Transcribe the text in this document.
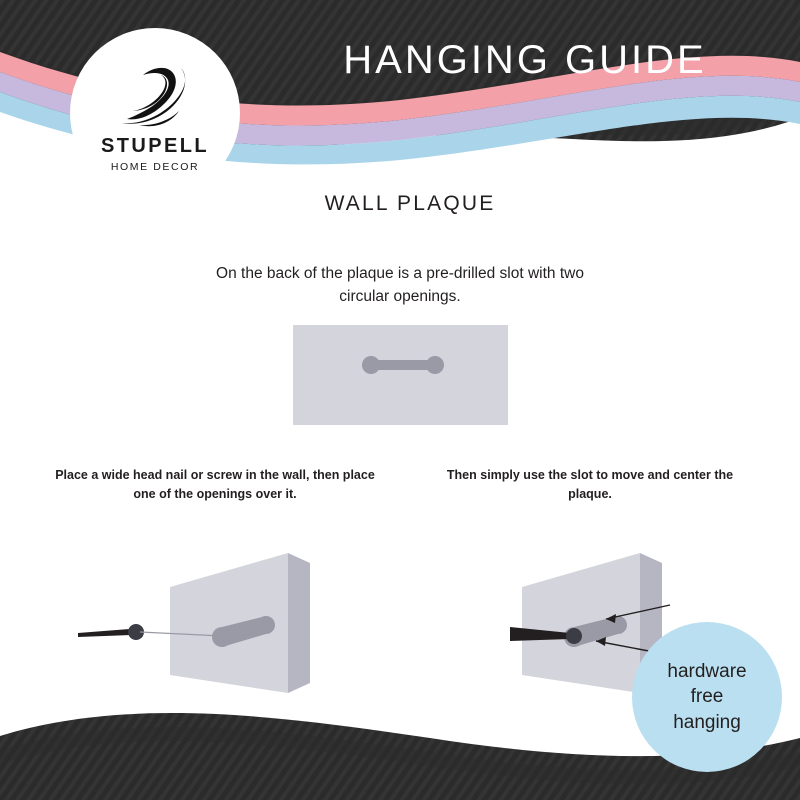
HANGING GUIDE
STUPELL
HOME DECOR
WALL PLAQUE
On the back of the plaque is a pre-drilled slot with two circular openings.
Place a wide head nail or screw in the wall, then place one of the openings over it.
Then simply use the slot to move and center the plaque.
hardware
free
hanging
